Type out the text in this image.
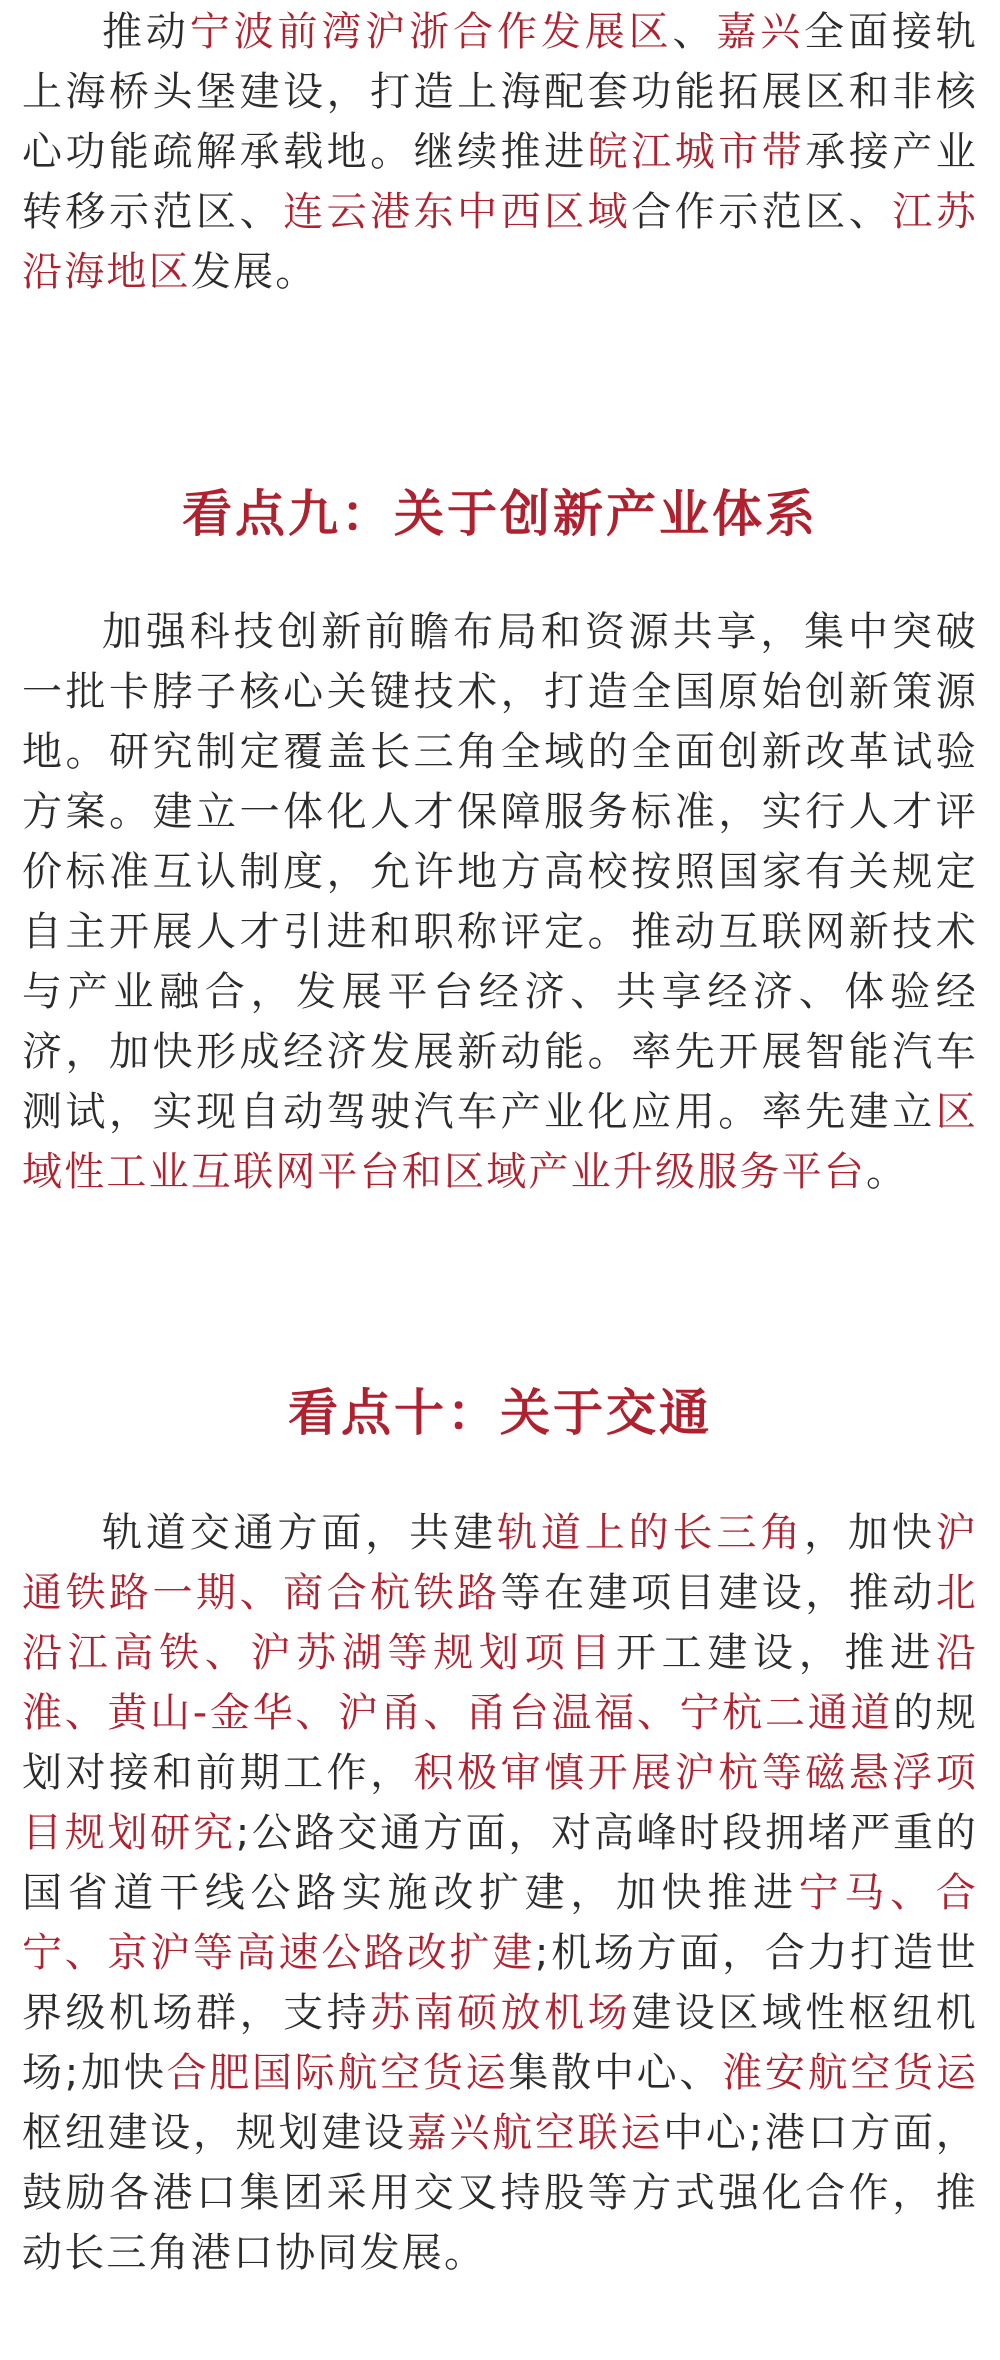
推动宁波前湾沪浙合作发展区、嘉兴全面接轨上海桥头堡建设，打造上海配套功能拓展区和非核心功能疏解承载地。继续推进皖江城市带承接产业转移示范区、连云港东中西区域合作示范区、江苏沿海地区发展。

看点九：关于创新产业体系

加强科技创新前瞻布局和资源共享，集中突破一批卡脖子核心关键技术，打造全国原始创新策源地。研究制定覆盖长三角全域的全面创新改革试验方案。建立一体化人才保障服务标准，实行人才评价标准互认制度，允许地方高校按照国家有关规定自主开展人才引进和职称评定。推动互联网新技术与产业融合，发展平台经济、共享经济、体验经济，加快形成经济发展新动能。率先开展智能汽车测试，实现自动驾驶汽车产业化应用。率先建立区域性工业互联网平台和区域产业升级服务平台。

看点十：关于交通

轨道交通方面，共建轨道上的长三角，加快沪通铁路一期、商合杭铁路等在建项目建设，推动北沿江高铁、沪苏湖等规划项目开工建设，推进沿淮、黄山-金华、沪甬、甬台温福、宁杭二通道的规划对接和前期工作，积极审慎开展沪杭等磁悬浮项目规划研究;公路交通方面，对高峰时段拥堵严重的国省道干线公路实施改扩建，加快推进宁马、合宁、京沪等高速公路改扩建;机场方面，合力打造世界级机场群，支持苏南硕放机场建设区域性枢纽机场;加快合肥国际航空货运集散中心、淮安航空货运枢纽建设，规划建设嘉兴航空联运中心;港口方面，鼓励各港口集团采用交叉持股等方式强化合作，推动长三角港口协同发展。
